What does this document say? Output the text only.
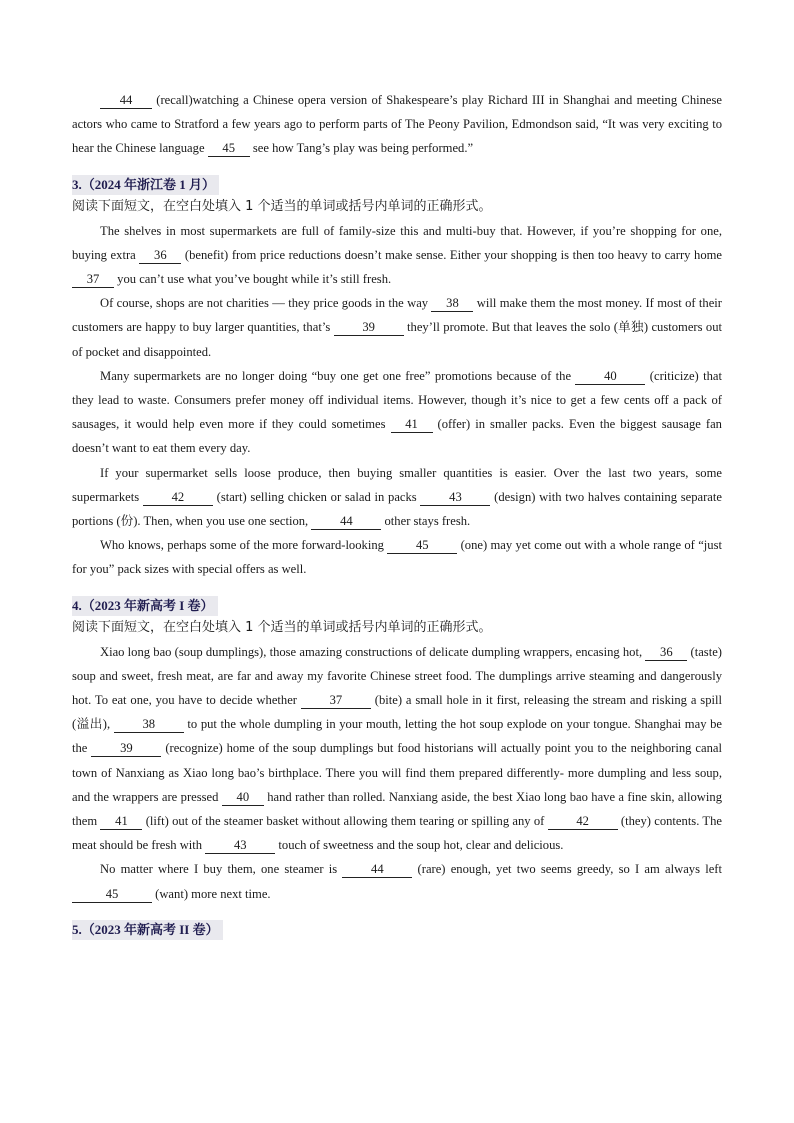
44 (recall)watching a Chinese opera version of Shakespeare’s play Richard III in Shanghai and meeting Chinese actors who came to Stratford a few years ago to perform parts of The Peony Pavilion, Edmondson said, “It was very exciting to hear the Chinese language 45 see how Tang’s play was being performed.”

3.（2024 年浙江卷 1 月）

阅读下面短文，在空白处填入 1 个适当的单词或括号内单词的正确形式。

The shelves in most supermarkets are full of family-size this and multi-buy that. However, if you’re shopping for one, buying extra 36 (benefit) from price reductions doesn’t make sense. Either your shopping is then too heavy to carry home 37 you can’t use what you’ve bought while it’s still fresh.

Of course, shops are not charities — they price goods in the way 38 will make them the most money. If most of their customers are happy to buy larger quantities, that’s 39 they’ll promote. But that leaves the solo (单独) customers out of pocket and disappointed.

Many supermarkets are no longer doing “buy one get one free” promotions because of the 40 (criticize) that they lead to waste. Consumers prefer money off individual items. However, though it’s nice to get a few cents off a pack of sausages, it would help even more if they could sometimes 41 (offer) in smaller packs. Even the biggest sausage fan doesn’t want to eat them every day.

If your supermarket sells loose produce, then buying smaller quantities is easier. Over the last two years, some supermarkets 42 (start) selling chicken or salad in packs 43 (design) with two halves containing separate portions (份). Then, when you use one section, 44 other stays fresh.

Who knows, perhaps some of the more forward-looking 45 (one) may yet come out with a whole range of “just for you” pack sizes with special offers as well.

4.（2023 年新高考 I 卷）

阅读下面短文，在空白处填入 1 个适当的单词或括号内单词的正确形式。

Xiao long bao (soup dumplings), those amazing constructions of delicate dumpling wrappers, encasing hot, 36 (taste) soup and sweet, fresh meat, are far and away my favorite Chinese street food. The dumplings arrive steaming and dangerously hot. To eat one, you have to decide whether 37 (bite) a small hole in it first, releasing the stream and risking a spill (溢出), 38 to put the whole dumpling in your mouth, letting the hot soup explode on your tongue. Shanghai may be the 39 (recognize) home of the soup dumplings but food historians will actually point you to the neighboring canal town of Nanxiang as Xiao long bao’s birthplace. There you will find them prepared differently- more dumpling and less soup, and the wrappers are pressed 40 hand rather than rolled. Nanxiang aside, the best Xiao long bao have a fine skin, allowing them 41 (lift) out of the steamer basket without allowing them tearing or spilling any of 42 (they) contents. The meat should be fresh with 43 touch of sweetness and the soup hot, clear and delicious.

No matter where I buy them, one steamer is 44 (rare) enough, yet two seems greedy, so I am always left 45	(want) more next time.

5.（2023 年新高考 II 卷）
